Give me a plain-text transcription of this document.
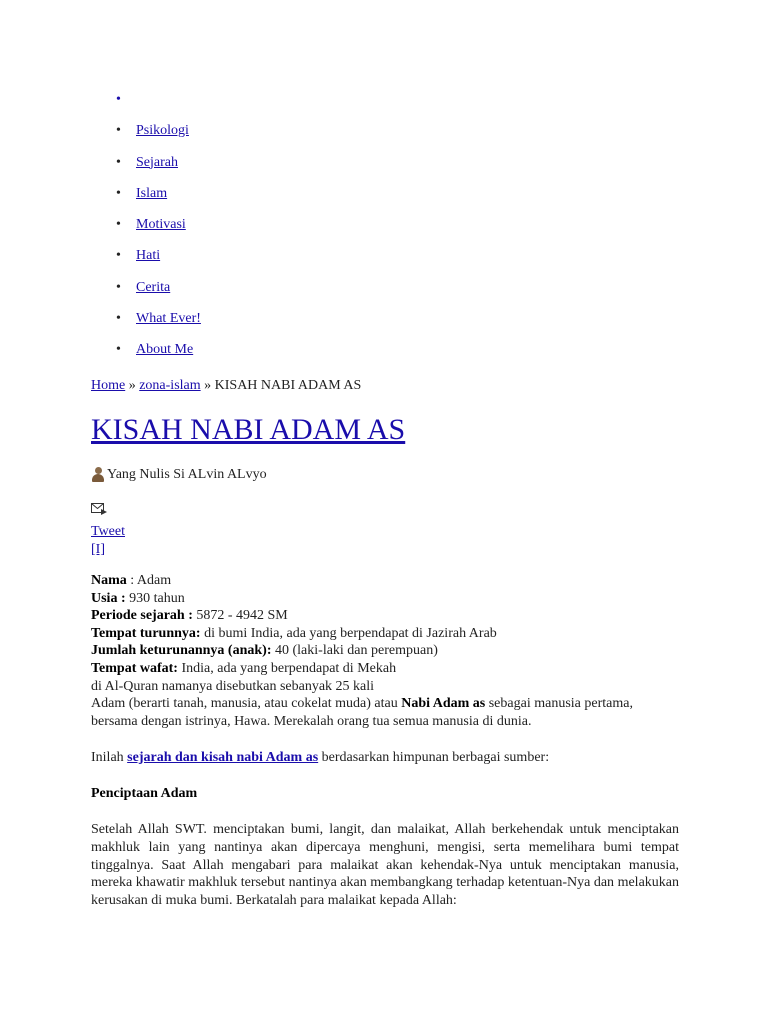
•
• Psikologi
• Sejarah
• Islam
• Motivasi
• Hati
• Cerita
• What Ever!
• About Me
Home » zona-islam » KISAH NABI ADAM AS
KISAH NABI ADAM AS
Yang Nulis Si ALvin ALvyo
Tweet
[I]
Nama : Adam
Usia : 930 tahun
Periode sejarah : 5872 - 4942 SM
Tempat turunnya: di bumi India, ada yang berpendapat di Jazirah Arab
Jumlah keturunannya (anak): 40 (laki-laki dan perempuan)
Tempat wafat: India, ada yang berpendapat di Mekah
di Al-Quran namanya disebutkan sebanyak 25 kali
Adam (berarti tanah, manusia, atau cokelat muda) atau Nabi Adam as sebagai manusia pertama, bersama dengan istrinya, Hawa. Merekalah orang tua semua manusia di dunia.
Inilah sejarah dan kisah nabi Adam as berdasarkan himpunan berbagai sumber:
Penciptaan Adam

Setelah Allah SWT. menciptakan bumi, langit, dan malaikat, Allah berkehendak untuk menciptakan makhluk lain yang nantinya akan dipercaya menghuni, mengisi, serta memelihara bumi tempat tinggalnya. Saat Allah mengabari para malaikat akan kehendak-Nya untuk menciptakan manusia, mereka khawatir makhluk tersebut nantinya akan membangkang terhadap ketentuan-Nya dan melakukan kerusakan di muka bumi. Berkatalah para malaikat kepada Allah:
